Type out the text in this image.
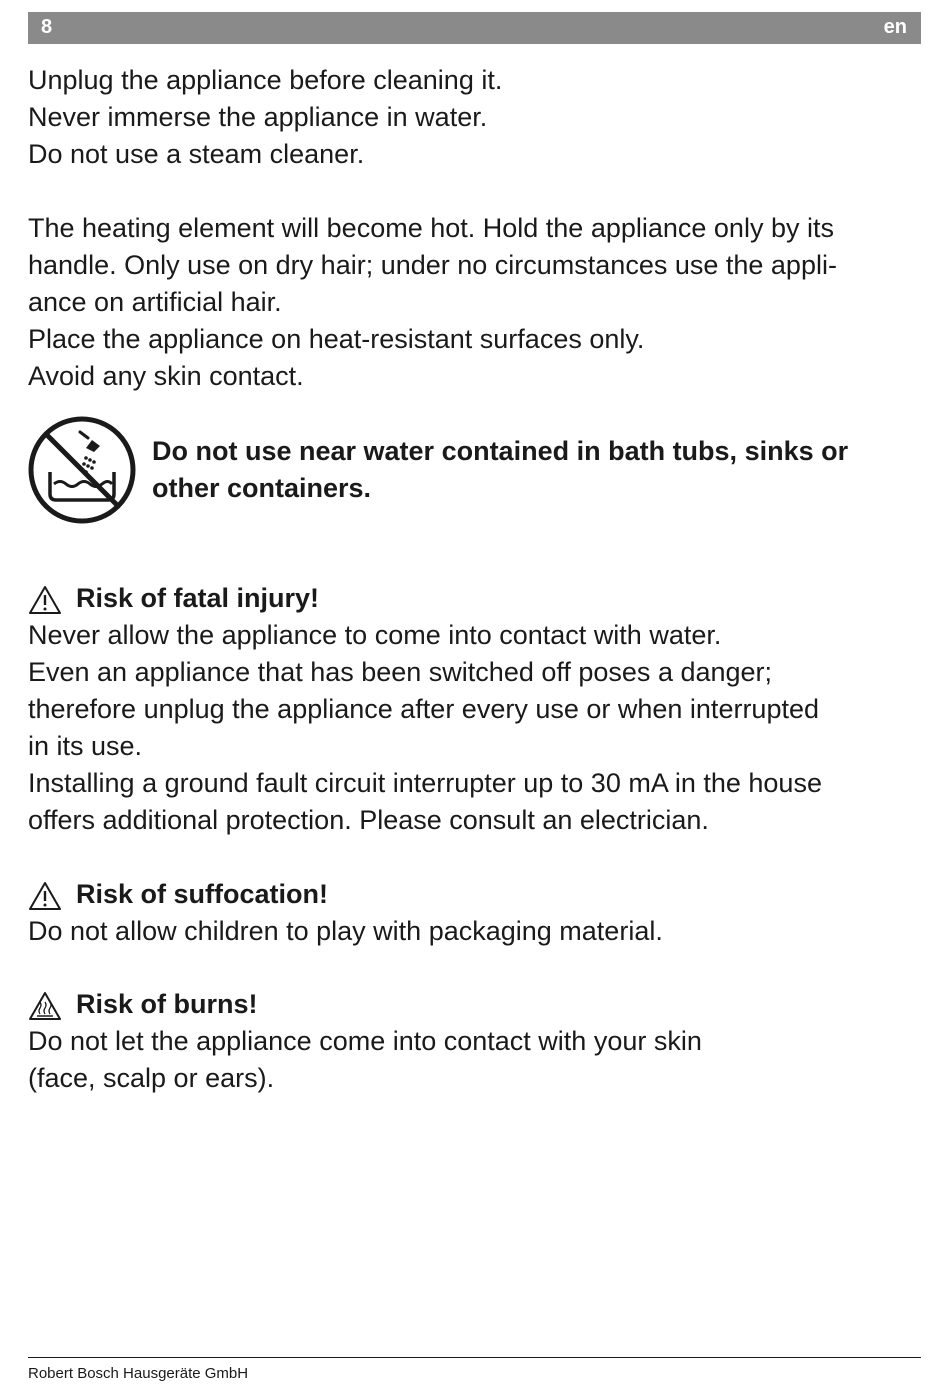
8	en
Unplug the appliance before cleaning it.
Never immerse the appliance in water.
Do not use a steam cleaner.
The heating element will become hot. Hold the appliance only by its
handle. Only use on dry hair; under no circumstances use the appli-
ance on artificial hair.
Place the appliance on heat-resistant surfaces only.
Avoid any skin contact.
Do not use near water contained in bath tubs, sinks or
other containers.
Risk of fatal injury!
Never allow the appliance to come into contact with water.
Even an appliance that has been switched off poses a danger;
therefore unplug the appliance after every use or when interrupted
in its use.
Installing a ground fault circuit interrupter up to 30 mA in the house
offers additional protection. Please consult an electrician.
Risk of suffocation!
Do not allow children to play with packaging material.
Risk of burns!
Do not let the appliance come into contact with your skin
(face, scalp or ears).
Robert Bosch Hausgeräte GmbH
